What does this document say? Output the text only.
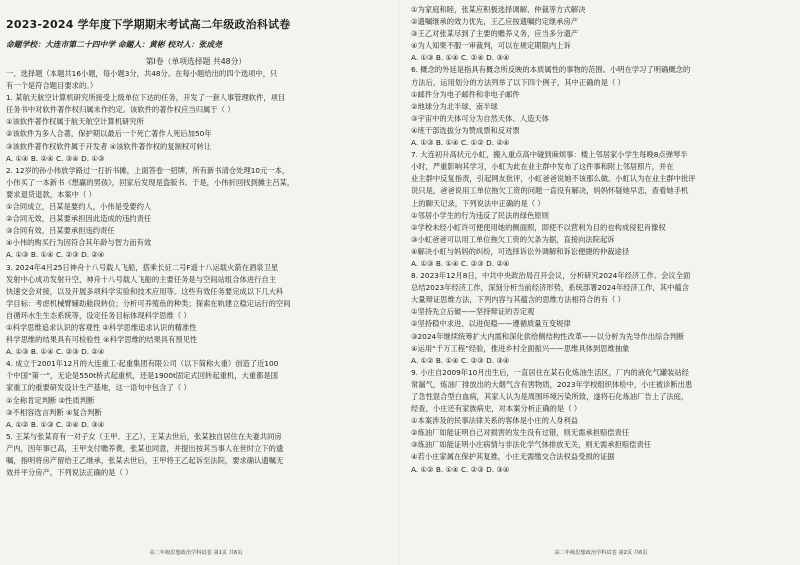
2023-2024 学年度下学期期末考试高二年级政治科试卷
命题学校：大连市第二十四中学 命题人：黄彬 校对人：张成尧
第Ⅰ卷（单项选择题 共48分）
一、选择题（本题共16小题，每小题3分，共48分。在每小题给出的四个选项中，只
有一个是符合题目要求的。）
1. 某航天航空计算机研究所接受上级单位下达的任务，开发了一套人事管理软件，项目
任务书中对软件著作权归属未作约定。该软件的著作权应当归属于（ ）
①该软件著作权属于航天航空计算机研究所
②该软件为多人合著，保护期以最后一个死亡著作人死后加50年
③该软件著作权软件属于开发者 ④该软件著作权的复制权可转让
A. ①④ B. ②④ C. ③④ D. ①③
2. 12岁的孙小伟放学路过一打折书摊，上面答卷一招牌，所有新书清仓处理10元一本，
小伟买了一本新书《想赢的男孩》，回家后发现是盗版书。于是，小伟折回找到摊主吕某，
要求退货退款，本案中（ ）
①合同成立，吕某是要约人，小伟是受要约人
②合同无效，吕某要承担因此造成的违约责任
③合同有效，吕某要承担违约责任
④小伟的购买行为因符合其年龄与智力而有效
A. ①③ B. ①④ C. ②③ D. ②④
3. 2024年4月25日神舟十八号载人飞船，搭乘长征二号F遥十八运载火箭在酒泉卫星
发射中心成功发射升空，神舟十八号载人飞船的主要任务是与空间站组合体进行自主
快速交会对接，以及开展多项科学实验和技术应用等。这些有效任务要完成以下几大科
学目标：考虑机械臂辅助舱段转位；分析可养殖鱼的种类；探索在轨建立稳定运行的空间
自循环水生生态系统等，设定任务目标体现科学思维（ ）
①科学思维追求认识的客观性 ②科学思维追求认识的精准性
科学思维的结果具有可检验性 ④科学思维的结果具有预见性
A. ①③ B. ①④ C. ②③ D. ②④
4. 成立于2001年12月的大连重工·起重集团有限公司（以下简称大重）创造了近100
个中国“第一”，无论是550t桥式起重机，还是1900t固定式回转起重机，大重都是国
家重工的重要研发设计生产基地，这一语句中包含了（ ）
①全称肯定判断 ②性质判断
③不相容选言判断 ④复合判断
A. ①② B. ①③ C. ②④ D. ③④
5. 王某与张某育有一对子女（王甲、王乙），王某去世后，张某独自居住在夫妻共同房
产内，因年事已高，王甲支付赡养费，张某也同意，并提出按其当事人在世时立下的遗
嘱，指明将房产留给王乙继承，张某去世后，王甲将王乙起诉至法院，要求确认遗嘱无
效并平分房产，下列说法正确的是（ ）
高二年级思想政治学科试卷 第1页 共6页
①为家庭和睦，张某应积极选择调解、仲裁等方式解决
②遗嘱继承的效力优先，王乙应按遗嘱约定继承房产
③王乙对张某尽到了主要的赡养义务，应当多分遗产
④为人知果不服一审裁判，可以在规定期限内上诉
A. ①③ B. ①④ C. ②④ D. ③④
6. 概念的外延是指具有概念所反映的本质属性的事物的范围。小明在学习了明确概念的
方法后，运用划分的方法列举了以下四个例子，其中正确的是（ ）
①邮件分为电子邮件和非电子邮件
②地球分为北半球、南半球
③宇宙中的天体可分为自然天体、人造天体
④班干部选拔分为赞成票和反对票
A. ①③ B. ①④ C. ①② D. ②④
7. 大连初升高状元小虹，搬入重点高中碰到麻烦事：楼上邻居家小学生每晚8点弹琴半
小时，严重影响其学习，小虹为此在业主群中发布了这件事和附上邻居照片，并在
业主群中反复指责，引起网友批评，小虹爸爸说她不该那么做。小虹认为在业主群中批评
说只是，爸爸说用工单位拖欠工资的问题一直没有解决，妈妈怀疑她早恋，查看她手机
上的聊天记录，下列说法中正确的是（ ）
①邻居小学生的行为违反了民法的绿色原则
②学校未经小虹许可便使用她的侧面照，即使不以营利为目的也构成侵犯肖像权
③小虹爸爸可以用工单位拖欠工资的欠条为据，直接向法院起诉
④解决小虹与妈妈的纠纷，可选择诉讼外调解和诉讼便捷的仲裁途径
A. ①③ B. ①④ C. ②③ D. ②④
8. 2023年12月8日，中共中央政治局召开会议，分析研究2024年经济工作。会议全面
总结2023年经济工作，深刻分析当前经济形势，系统部署2024年经济工作，其中蕴含
大量辩证思维方法，下列内容与其蕴含的思维方法相符合的有（ ）
①坚持先立后破——坚持辩证的否定观
②坚持稳中求进、以进促稳——遵循质量互变规律
③2024年继续统筹扩大内需和深化供给侧结构性改革——以分析为先导作出综合判断
④运用“千万工程”经验，推进乡村全面振兴——思维具体到思维抽象
A. ①② B. ①④ C. ②③ D. ③④
9. 小庄自2009年10月出生后，一直居住在某石化炼油生活区，厂内的液化气罐装站经
常漏气，炼油厂排放出的大烟气含有害物质，2023年学校组织体检中，小庄被诊断出患
了急性混合型白血病，其家人认为是周围环境污染所致，遂将石化炼油厂告上了法庭，
经查，小庄还有家族病史，对本案分析正确的是（ ）
①本案涉及的民事法律关系的客体是小庄的人身利益
②炼油厂如能证明自己对损害的发生没有过错，则无需承担赔偿责任
③炼油厂如能证明小庄病情与非法化学气体排放无关，则无需承担赔偿责任
④若小庄家属在保护其复推，小庄无需缴交合法权益受损的证据
A. ①② B. ①④ C. ②③ D. ③④
高二年级思想政治学科试卷 第2页 共6页
